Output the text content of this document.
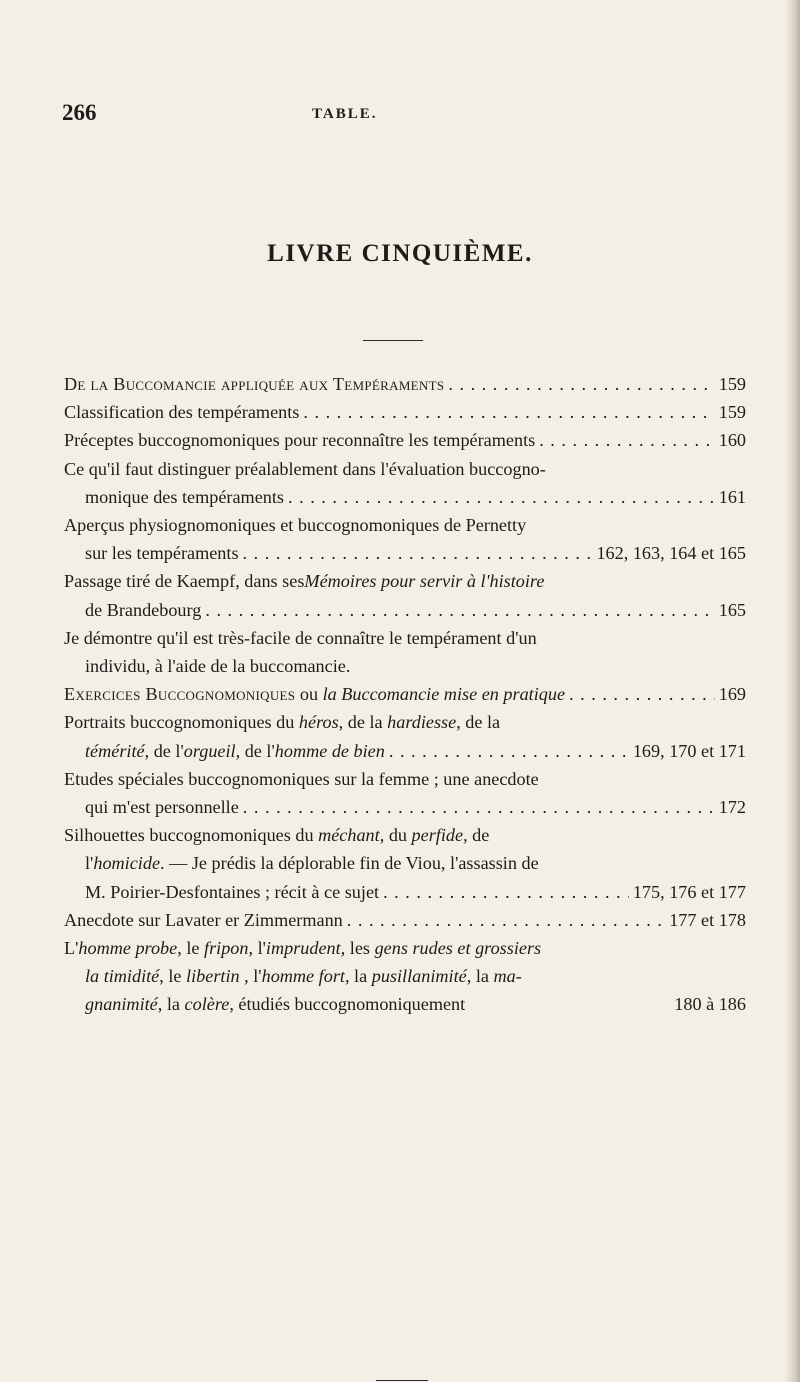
266	TABLE.
LIVRE CINQUIÈME.
De la Buccomancie appliquée aux Tempéraments . . .	159
Classification des tempéraments . . .	159
Préceptes buccognomoniques pour reconnaître les tempéraments . . .	160
Ce qu'il faut distinguer préalablement dans l'évaluation buccogno-
monique des tempéraments . . .	161
Aperçus physiognomoniques et buccognomoniques de Pernetty
sur les tempéraments . . .	162, 163, 164 et 165
Passage tiré de Kaempf, dans ses Mémoires pour servir à l'histoire
de Brandebourg . . .	165
Je démontre qu'il est très-facile de connaître le tempérament d'un
individu, à l'aide de la buccomancie.
Exercices Buccognomoniques ou la Buccomancie mise en pratique . . .	169
Portraits buccognomoniques du héros , de la hardiesse , de la
témérité , de l' orgueil , de l' homme de bien . . .	169, 170 et 171
Etudes spéciales buccognomoniques sur la femme ; une anecdote
qui m'est personnelle . . .	172
Silhouettes buccognomoniques du méchant , du perfide , de
l' homicide . — Je prédis la déplorable fin de Viou, l'assassin de
M. Poirier-Desfontaines ; récit à ce sujet . . .	175, 176 et 177
Anecdote sur Lavater er Zimmermann . . .	177 et 178
L' homme probe , le fripon , l' imprudent , les gens rudes et grossiers
la timidité , le libertin , l' homme fort , la pusillanimité , la ma-
gnanimité , la colère , étudiés buccognomoniquement	180 à 186
